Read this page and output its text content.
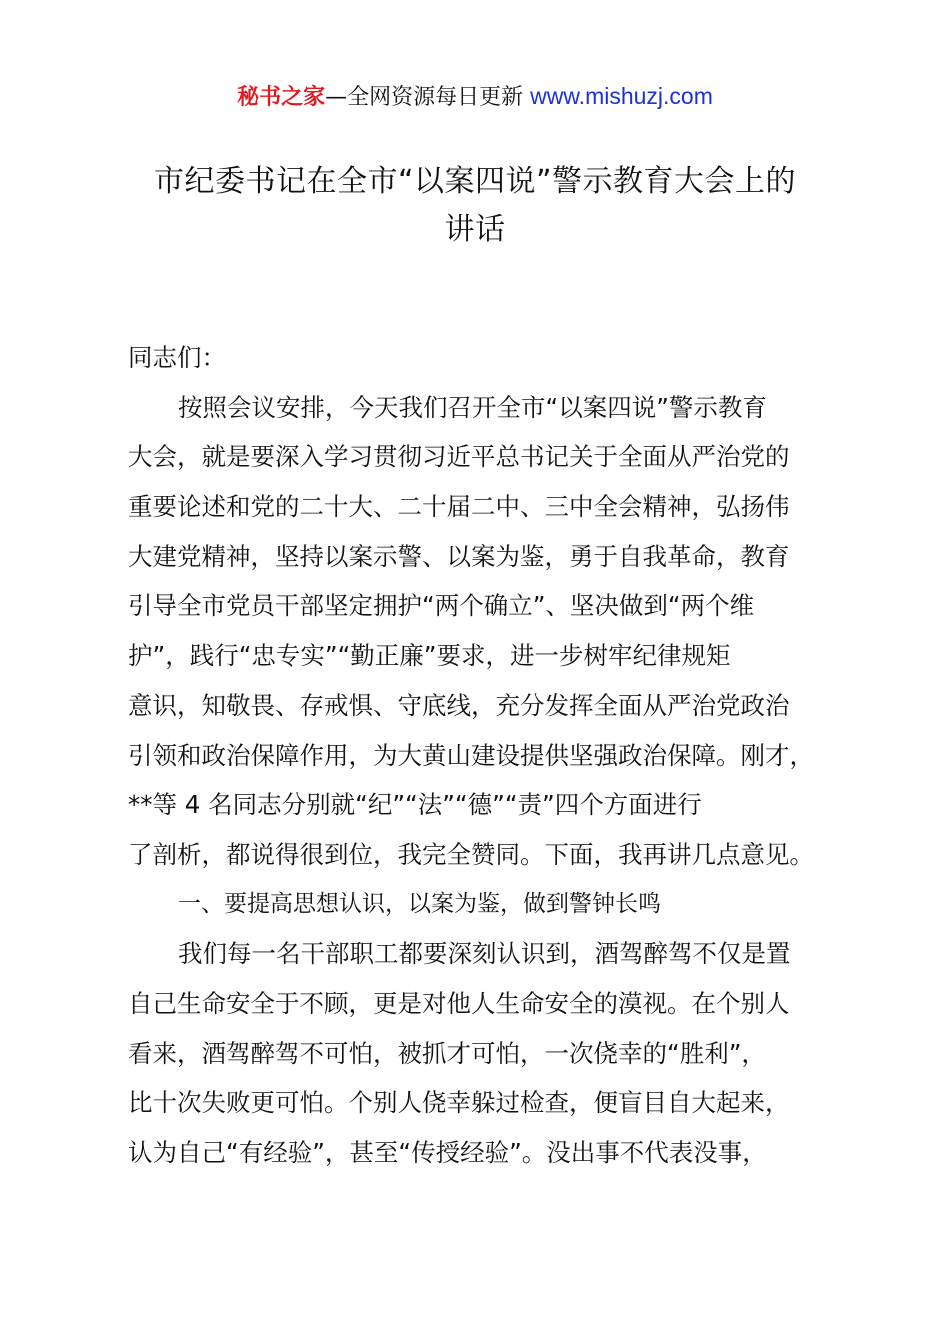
秘书之家—全网资源每日更新 www.mishuzj.com
市纪委书记在全市“以案四说”警示教育大会上的
讲话
同志们：
按照会议安排，今天我们召开全市“以案四说”警示教育
大会，就是要深入学习贯彻习近平总书记关于全面从严治党的
重要论述和党的二十大、二十届二中、三中全会精神，弘扬伟
大建党精神，坚持以案示警、以案为鉴，勇于自我革命，教育
引导全市党员干部坚定拥护“两个确立”、坚决做到“两个维
护”，践行“忠专实”“勤正廉”要求，进一步树牢纪律规矩
意识，知敬畏、存戒惧、守底线，充分发挥全面从严治党政治
引领和政治保障作用，为大黄山建设提供坚强政治保障。刚才，
**等 4 名同志分别就“纪”“法”“德”“责”四个方面进行
了剖析，都说得很到位，我完全赞同。下面，我再讲几点意见。
一、要提高思想认识，以案为鉴，做到警钟长鸣
我们每一名干部职工都要深刻认识到，酒驾醉驾不仅是置
自己生命安全于不顾，更是对他人生命安全的漠视。在个别人
看来，酒驾醉驾不可怕，被抓才可怕，一次侥幸的“胜利”，
比十次失败更可怕。个别人侥幸躲过检查，便盲目自大起来，
认为自己“有经验”，甚至“传授经验”。没出事不代表没事，
